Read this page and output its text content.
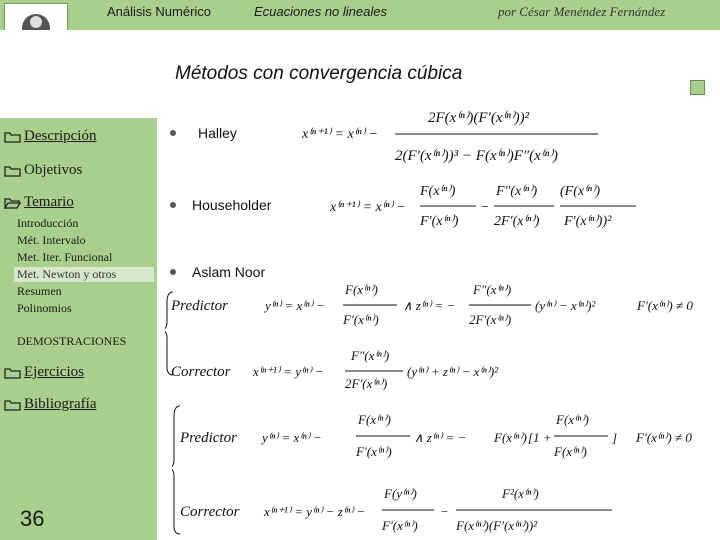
Análisis Numérico	Ecuaciones no lineales	por César Menéndez Fernández
Descripción
Objetivos
Temario
Introducción
Mét. Intervalo
Met. Iter. Funcional
Met. Newton y otros
Resumen
Polinomios
DEMOSTRACIONES
Ejercicios
Bibliografía
36
Métodos con convergencia cúbica
Halley
Householder
Aslam Noor
x⁽ⁿ⁺¹⁾ = x⁽ⁿ⁾ −
2F(x⁽ⁿ⁾)(F′(x⁽ⁿ⁾))²
2(F′(x⁽ⁿ⁾))³ − F(x⁽ⁿ⁾)F″(x⁽ⁿ⁾)
x⁽ⁿ⁺¹⁾ = x⁽ⁿ⁾ −
F(x⁽ⁿ⁾)
F′(x⁽ⁿ⁾)
−
F″(x⁽ⁿ⁾)
2F′(x⁽ⁿ⁾)
(F(x⁽ⁿ⁾)
F′(x⁽ⁿ⁾))²
Predictor	y⁽ⁿ⁾ = x⁽ⁿ⁾ −
F(x⁽ⁿ⁾)
F′(x⁽ⁿ⁾)
∧ z⁽ⁿ⁾ = −
F″(x⁽ⁿ⁾)
2F′(x⁽ⁿ⁾)
(y⁽ⁿ⁾ − x⁽ⁿ⁾)²	F′(x⁽ⁿ⁾) ≠ 0
Corrector x⁽ⁿ⁺¹⁾ = y⁽ⁿ⁾ −
F″(x⁽ⁿ⁾)
2F′(x⁽ⁿ⁾)
(y⁽ⁿ⁾ + z⁽ⁿ⁾ − x⁽ⁿ⁾)²
Predictor y⁽ⁿ⁾ = x⁽ⁿ⁾ −
F(x⁽ⁿ⁾)
F′(x⁽ⁿ⁾)
∧ z⁽ⁿ⁾ = − F(x⁽ⁿ⁾) [1 +
F(x⁽ⁿ⁾)
F(x⁽ⁿ⁾)
] F′(x⁽ⁿ⁾) ≠ 0
Corrector x⁽ⁿ⁺¹⁾ = y⁽ⁿ⁾ − z⁽ⁿ⁾ −
F(y⁽ⁿ⁾)
F′(x⁽ⁿ⁾)
−
F²(x⁽ⁿ⁾)
F(x⁽ⁿ⁾)(F′(x⁽ⁿ⁾))²
